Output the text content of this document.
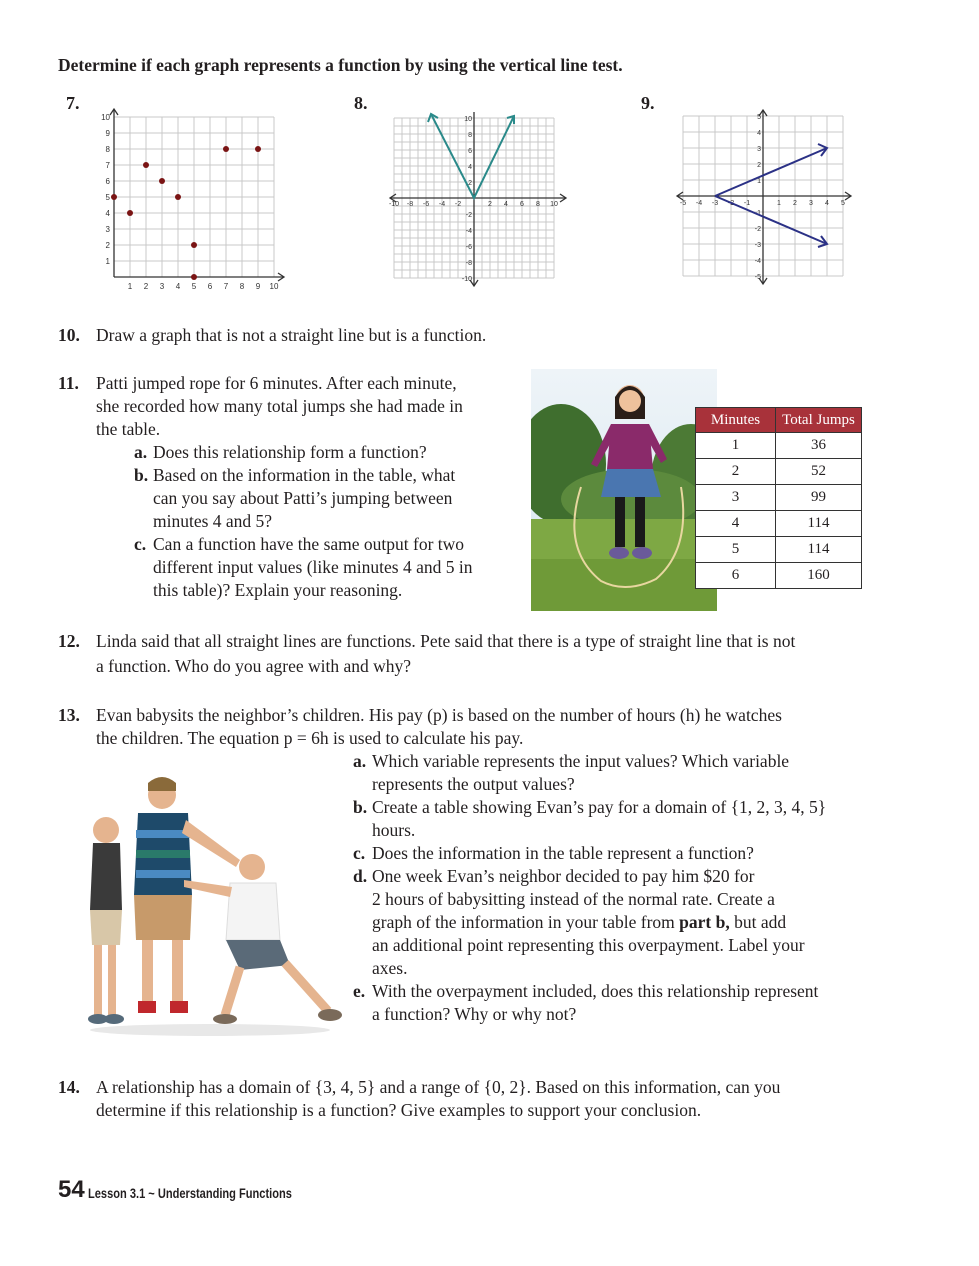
Determine if each graph represents a function by using the vertical line test.
7.
1
1
2
2
3
3
4
4
5
5
6
6
7
7
8
8
9
9
10
10
8.
-10
10
-8
8
-6
6
-4
4
-2
2
2
-2
4
-4
6
-6
8
-8
10
-10
9.
-5
-5
-4
-4
-3
-3
-2
-2
-1
-1
1
1
2
2
3
3
4
4
5
5
10. Draw a graph that is not a straight line but is a function.
11. Patti jumped rope for 6 minutes. After each minute,
she recorded how many total jumps she had made in
the table.
a. Does this relationship form a function?
b. Based on the information in the table, what
can you say about Patti’s jumping between
minutes 4 and 5?
c. Can a function have the same output for two
different input values (like minutes 4 and 5 in
this table)? Explain your reasoning.
Minutes	Total Jumps
1	36
2	52
3	99
4	114
5	114
6	160
12. Linda said that all straight lines are functions. Pete said that there is a type of straight line that is not
a function. Who do you agree with and why?
13. Evan babysits the neighbor’s children. His pay (p) is based on the number of hours (h) he watches
the children. The equation p = 6h is used to calculate his pay.
a. Which variable represents the input values? Which variable
represents the output values?
b. Create a table showing Evan’s pay for a domain of {1, 2, 3, 4, 5}
hours.
c. Does the information in the table represent a function?
d. One week Evan’s neighbor decided to pay him $20 for
2 hours of babysitting instead of the normal rate. Create a
graph of the information in your table from part b, but add
an additional point representing this overpayment. Label your
axes.
e. With the overpayment included, does this relationship represent
a function? Why or why not?
14. A relationship has a domain of {3, 4, 5} and a range of {0, 2}. Based on this information, can you
determine if this relationship is a function? Give examples to support your conclusion.
54 Lesson 3.1 ~ Understanding Functions
